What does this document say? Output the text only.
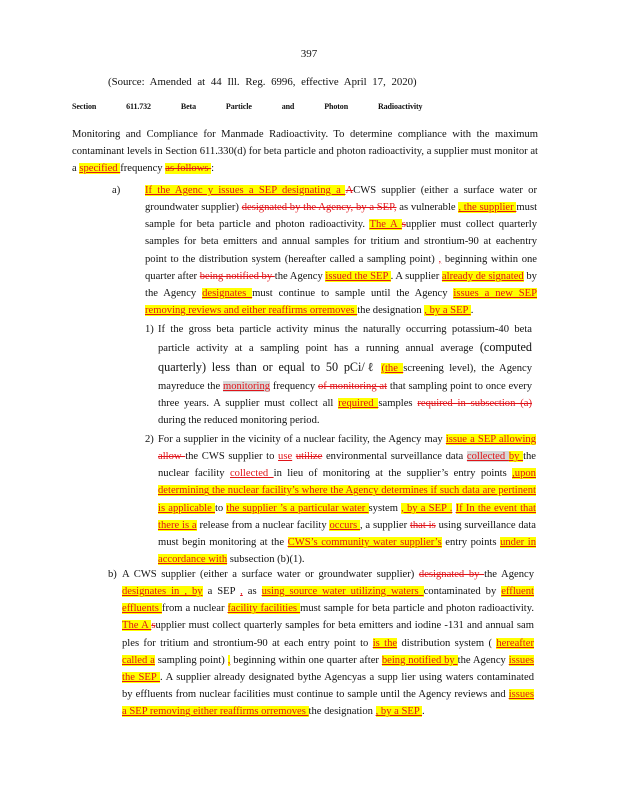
397
(Source: Amended at 44 Ill. Reg. 6996, effective April 17, 2020)
Section	611.732	Beta	Particle	and	Photon	Radioactivity
Monitoring and Compliance for Manmade Radioactivity. To determine compliance with the maximum contaminant levels in Section 611.330(d) for beta particle and photon radioactivity, a supplier must monitor at a specified frequency as follows :
a) If the Agenc y issues a SEP designating a ACWS supplier (either a surface water or groundwater supplier) designated by the Agency, by a SEP, as vulnerable , the supplier must sample for beta particle and photon radioactivity. The A supplier must collect quarterly samples for beta emitters and annual samples for tritium and strontium-90 at eachentry point to the distribution system (hereafter called a sampling point) , beginning within one quarter after being notified by the Agency issued the SEP . A supplier already de signated by the Agency designates must continue to sample until the Agency issues a new SEP removing reviews and either reaffirms orremoves the designation , by a SEP .
1) If the gross beta particle activity minus the naturally occurring potassium-40 beta particle activity at a sampling point has a running annual average (computed quarterly) less than or equal to 50 pCi/ℓ (the screening level), the Agency mayreduce the monitoring frequency of monitoring at that sampling point to once every three years. A supplier must collect all required samples required in subsection (a) during the reduced monitoring period.
2) For a supplier in the vicinity of a nuclear facility, the Agency may issue a SEP allowing allow the CWS supplier to use utilize environmental surveillance data collected by the nuclear facility collected in lieu of monitoring at the supplier’s entry points ,upon determining the nuclear facility’s where the Agency determines if such data are pertinent is applicable to the supplier ’s a particular water system , by a SEP . If In the event that there is a release from a nuclear facility occurs , a supplier that is using surveillance data must begin monitoring at the CWS’s community water supplier’s entry points under in accordance with subsection (b)(1).
b) A CWS supplier (either a surface water or groundwater supplier) designated by the Agency designates in , by a SEP , as using source water utilizing waters contaminated by effluent effluents from a nuclear facility facilities must sample for beta particle and photon radioactivity. The A supplier must collect quarterly samples for beta emitters and iodine -131 and annual sam ples for tritium and strontium-90 at each entry point to is the distribution system ( hereafter called a sampling point) , beginning within one quarter after being notified by the Agency issues the SEP . A supplier already designated bythe Agencyas a supp lier using waters contaminated by effluents from nuclear facilities must continue to sample until the Agency reviews and issues a SEP removing either reaffirms orremoves the designation , by a SEP .
